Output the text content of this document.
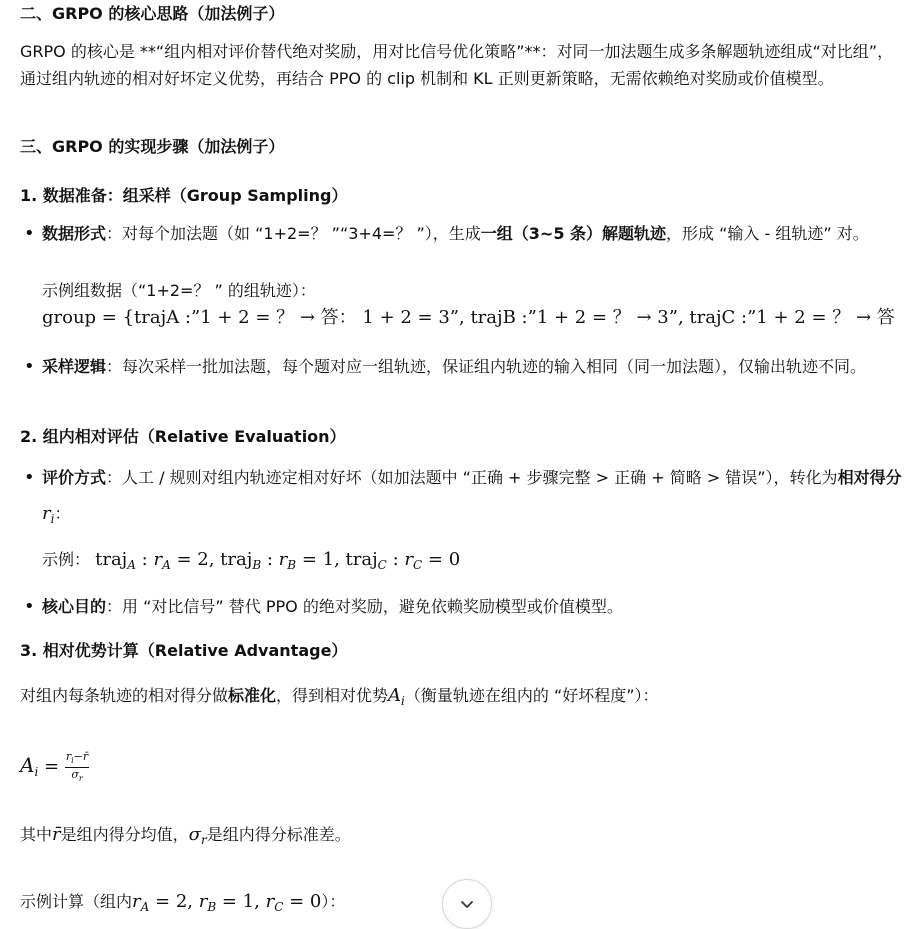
二、GRPO 的核心思路（加法例子）
GRPO 的核心是 **“组内相对评价替代绝对奖励，用对比信号优化策略”**：对同一加法题生成多条解题轨迹组成“对比组”，通过组内轨迹的相对好坏定义优势，再结合 PPO 的 clip 机制和 KL 正则更新策略，无需依赖绝对奖励或价值模型。
三、GRPO 的实现步骤（加法例子）
1. 数据准备：组采样（Group Sampling）
• 数据形式：对每个加法题（如 “1+2=？ ”“3+4=？ ”），生成一组（3~5 条）解题轨迹，形成 “输入 - 组轨迹” 对。
示例组数据（“1+2=？ ” 的组轨迹）：
group = {trajA :”1 + 2 = ？ → 答： 1 + 2 = 3”, trajB :”1 + 2 = ？ → 3”, trajC :”1 + 2 = ？ → 答
• 采样逻辑：每次采样一批加法题，每个题对应一组轨迹，保证组内轨迹的输入相同（同一加法题），仅输出轨迹不同。
2. 组内相对评估（Relative Evaluation）
• 评价方式：人工 / 规则对组内轨迹定相对好坏（如加法题中 “正确 + 步骤完整 > 正确 + 简略 > 错误”），转化为相对得分$r_i$：
示例： traj$_A$ : $r_A = 2$, traj$_B$ : $r_B = 1$, traj$_C$ : $r_C = 0$
• 核心目的：用 “对比信号” 替代 PPO 的绝对奖励，避免依赖奖励模型或价值模型。
3. 相对优势计算（Relative Advantage）
对组内每条轨迹的相对得分做标准化，得到相对优势$A_i$（衡量轨迹在组内的 “好坏程度”）：
$A_i = \frac{r_i-r̄}{\sigma_r}$
其中r̄是组内得分均值，$\sigma_r$是组内得分标准差。
示例计算（组内$r_A = 2$, $r_B = 1$, $r_C = 0$）：
